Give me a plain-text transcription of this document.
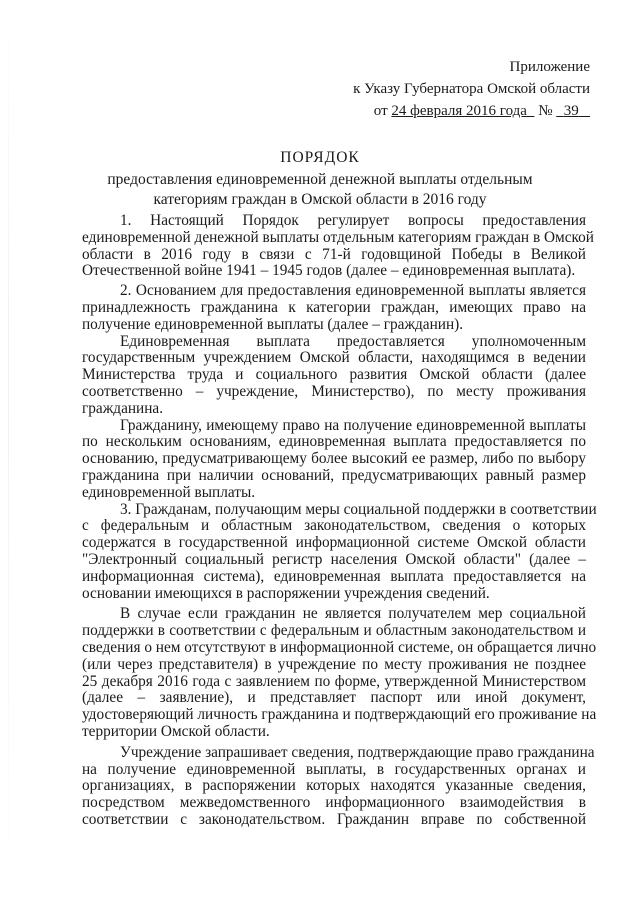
Приложение
к Указу Губернатора Омской области
от 24 февраля 2016 года № 39
ПОРЯДОК
предоставления единовременной денежной выплаты отдельным
категориям граждан в Омской области в 2016 году
1. Настоящий Порядок регулирует вопросы предоставления
единовременной денежной выплаты отдельным категориям граждан в Омской
области в 2016 году в связи с 71-й годовщиной Победы в Великой
Отечественной войне 1941 – 1945 годов (далее – единовременная выплата).
2. Основанием для предоставления единовременной выплаты является
принадлежность гражданина к категории граждан, имеющих право на
получение единовременной выплаты (далее – гражданин).
Единовременная выплата предоставляется уполномоченным
государственным учреждением Омской области, находящимся в ведении
Министерства труда и социального развития Омской области (далее
соответственно – учреждение, Министерство), по месту проживания
гражданина.
Гражданину, имеющему право на получение единовременной выплаты
по нескольким основаниям, единовременная выплата предоставляется по
основанию, предусматривающему более высокий ее размер, либо по выбору
гражданина при наличии оснований, предусматривающих равный размер
единовременной выплаты.
3. Гражданам, получающим меры социальной поддержки в соответствии
с федеральным и областным законодательством, сведения о которых
содержатся в государственной информационной системе Омской области
"Электронный социальный регистр населения Омской области" (далее –
информационная система), единовременная выплата предоставляется на
основании имеющихся в распоряжении учреждения сведений.
В случае если гражданин не является получателем мер социальной
поддержки в соответствии с федеральным и областным законодательством и
сведения о нем отсутствуют в информационной системе, он обращается лично
(или через представителя) в учреждение по месту проживания не позднее
25 декабря 2016 года с заявлением по форме, утвержденной Министерством
(далее – заявление), и представляет паспорт или иной документ,
удостоверяющий личность гражданина и подтверждающий его проживание на
территории Омской области.
Учреждение запрашивает сведения, подтверждающие право гражданина
на получение единовременной выплаты, в государственных органах и
организациях, в распоряжении которых находятся указанные сведения,
посредством межведомственного информационного взаимодействия в
соответствии с законодательством. Гражданин вправе по собственной
